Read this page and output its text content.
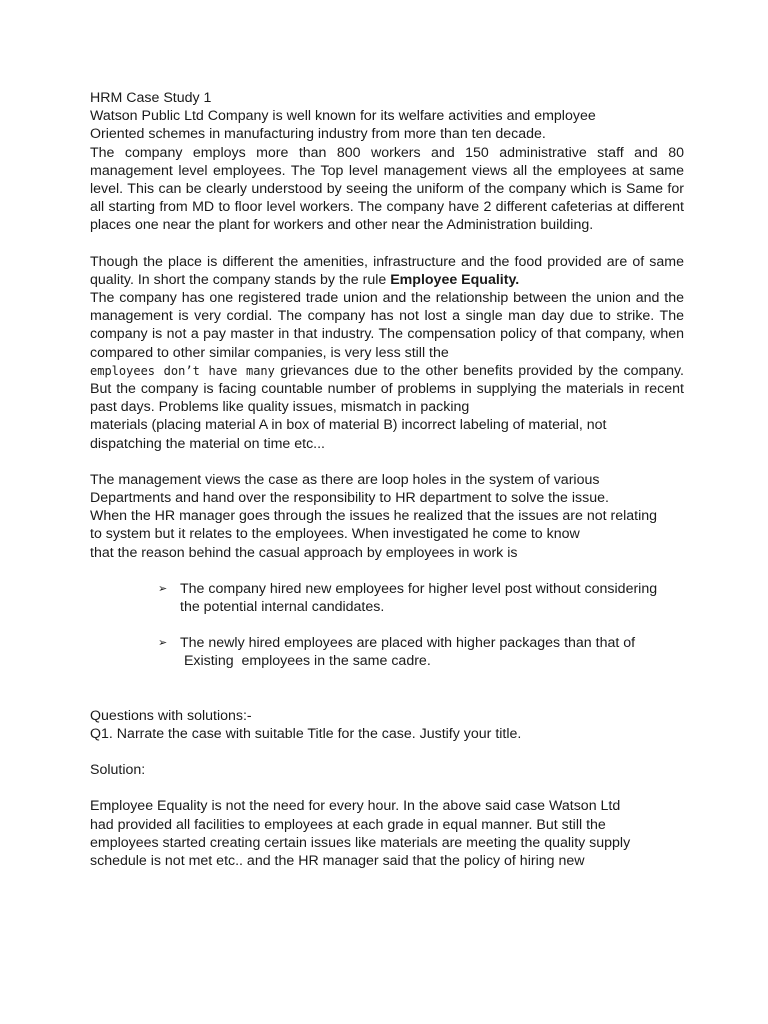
HRM Case Study 1

Watson Public Ltd Company is well known for its welfare activities and employee
Oriented schemes in manufacturing industry from more than ten decade.

The company employs more than 800 workers and 150 administrative staff and 80 management level employees. The Top level management views all the employees at same level. This can be clearly understood by seeing the uniform of the company which is Same for all starting from MD to floor level workers. The company have 2 different cafeterias at different places one near the plant for workers and other near the Administration building.

Though the place is different the amenities, infrastructure and the food provided are of same quality. In short the company stands by the rule Employee Equality.

The company has one registered trade union and the relationship between the union and the management is very cordial. The company has not lost a single man day due to strike. The company is not a pay master in that industry. The compensation policy of that company, when compared to other similar companies, is very less still the

employees don’t have many grievances due to the other benefits provided by the company. But the company is facing countable number of problems in supplying the materials in recent past days. Problems like quality issues, mismatch in packing

materials (placing material A in box of material B) incorrect labeling of material, not
dispatching the material on time etc...
The management views the case as there are loop holes in the system of various
Departments and hand over the responsibility to HR department to solve the issue.
When the HR manager goes through the issues he realized that the issues are not relating
to system but it relates to the employees. When investigated he come to know
that the reason behind the casual approach by employees in work is
➢ The company hired new employees for higher level post without considering
the potential internal candidates.
➢ The newly hired employees are placed with higher packages than that of
Existing  employees in the same cadre.
Questions with solutions:-
Q1. Narrate the case with suitable Title for the case. Justify your title.
Solution:
Employee Equality is not the need for every hour. In the above said case Watson Ltd
had provided all facilities to employees at each grade in equal manner. But still the
employees started creating certain issues like materials are meeting the quality supply
schedule is not met etc.. and the HR manager said that the policy of hiring new
